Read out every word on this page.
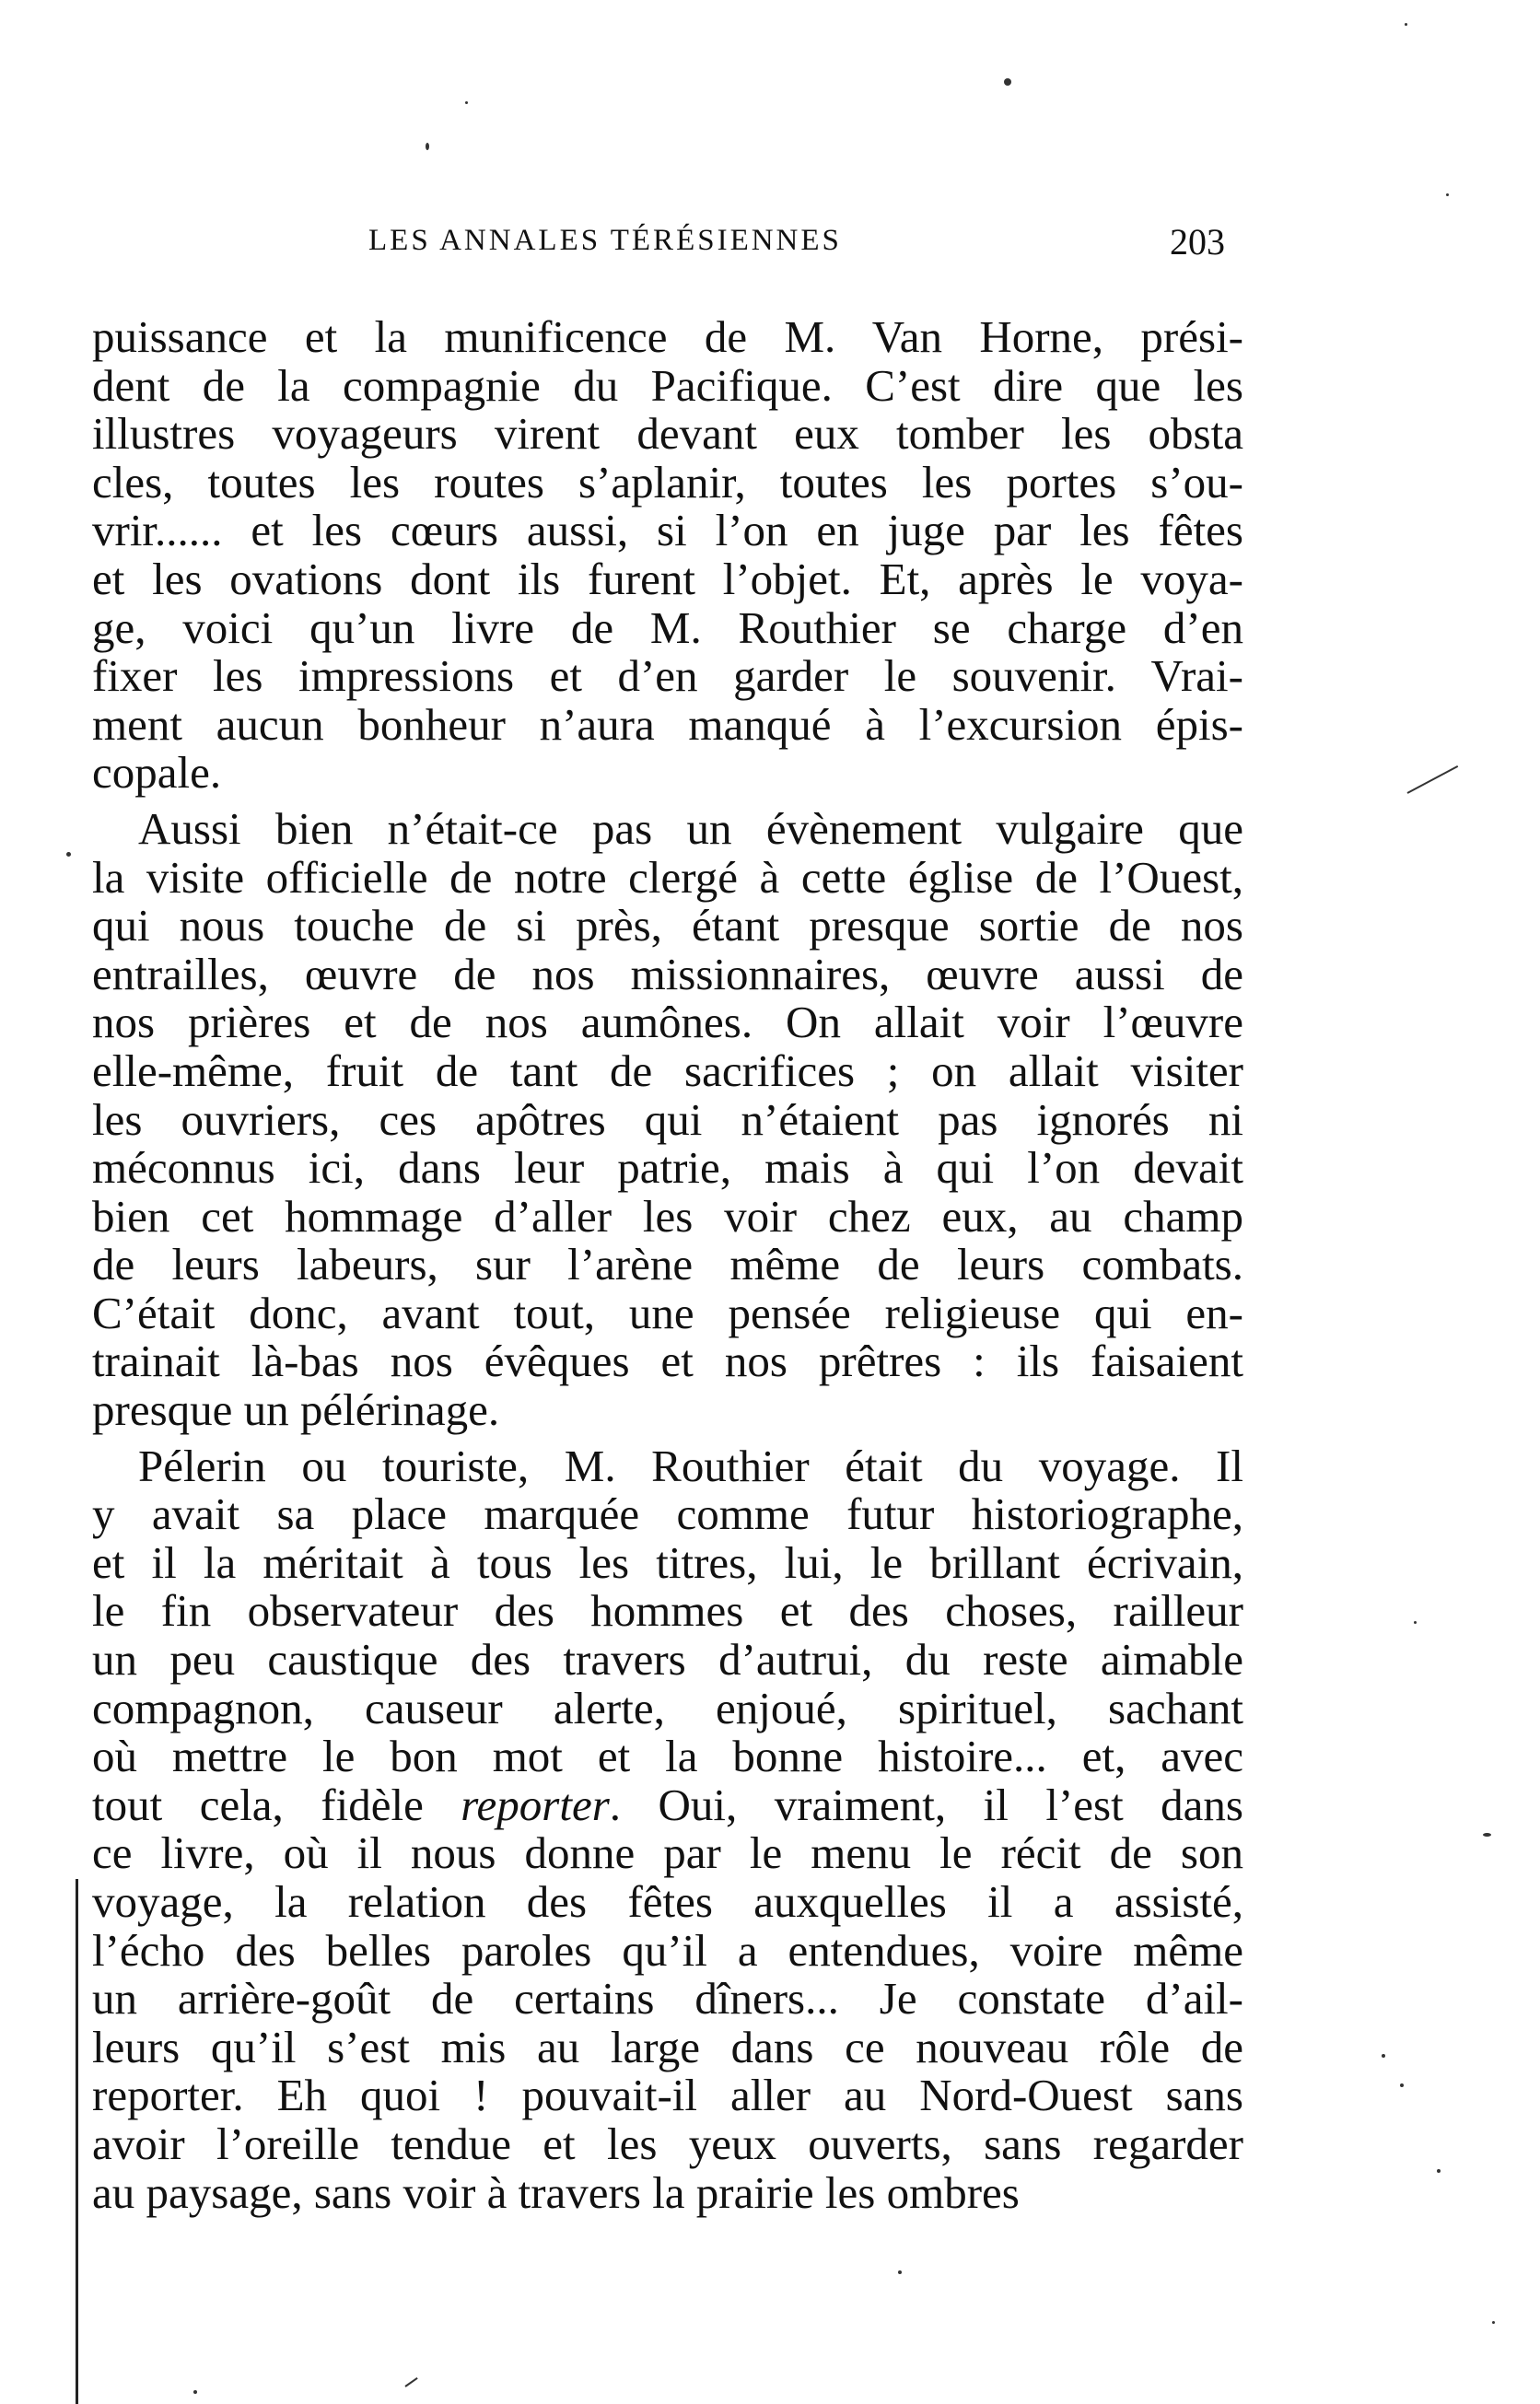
LES ANNALES TÉRÉSIENNES	203
puissance et la munificence de M. Van Horne, prési-
dent de la compagnie du Pacifique. C’est dire que les
illustres voyageurs virent devant eux tomber les obsta
cles, toutes les routes s’aplanir, toutes les portes s’ou-
vrir...... et les cœurs aussi, si l’on en juge par les fêtes
et les ovations dont ils furent l’objet. Et, après le voya-
ge, voici qu’un livre de M. Routhier se charge d’en
fixer les impressions et d’en garder le souvenir. Vrai-
ment aucun bonheur n’aura manqué à l’excursion épis-
copale.
Aussi bien n’était-ce pas un évènement vulgaire que
la visite officielle de notre clergé à cette église de l’Ouest,
qui nous touche de si près, étant presque sortie de nos
entrailles, œuvre de nos missionnaires, œuvre aussi de
nos prières et de nos aumônes. On allait voir l’œuvre
elle-même, fruit de tant de sacrifices ; on allait visiter
les ouvriers, ces apôtres qui n’étaient pas ignorés ni
méconnus ici, dans leur patrie, mais à qui l’on devait
bien cet hommage d’aller les voir chez eux, au champ
de leurs labeurs, sur l’arène même de leurs combats.
C’était donc, avant tout, une pensée religieuse qui en-
trainait là-bas nos évêques et nos prêtres : ils faisaient
presque un pélérinage.
Pélerin ou touriste, M. Routhier était du voyage. Il
y avait sa place marquée comme futur historiographe,
et il la méritait à tous les titres, lui, le brillant écrivain,
le fin observateur des hommes et des choses, railleur
un peu caustique des travers d’autrui, du reste aimable
compagnon, causeur alerte, enjoué, spirituel, sachant
où mettre le bon mot et la bonne histoire... et, avec
tout cela, fidèle reporter. Oui, vraiment, il l’est dans
ce livre, où il nous donne par le menu le récit de son
voyage, la relation des fêtes auxquelles il a assisté,
l’écho des belles paroles qu’il a entendues, voire même
un arrière-goût de certains dîners... Je constate d’ail-
leurs qu’il s’est mis au large dans ce nouveau rôle de
reporter. Eh quoi ! pouvait-il aller au Nord-Ouest sans
avoir l’oreille tendue et les yeux ouverts, sans regarder
au paysage, sans voir à travers la prairie les ombres
